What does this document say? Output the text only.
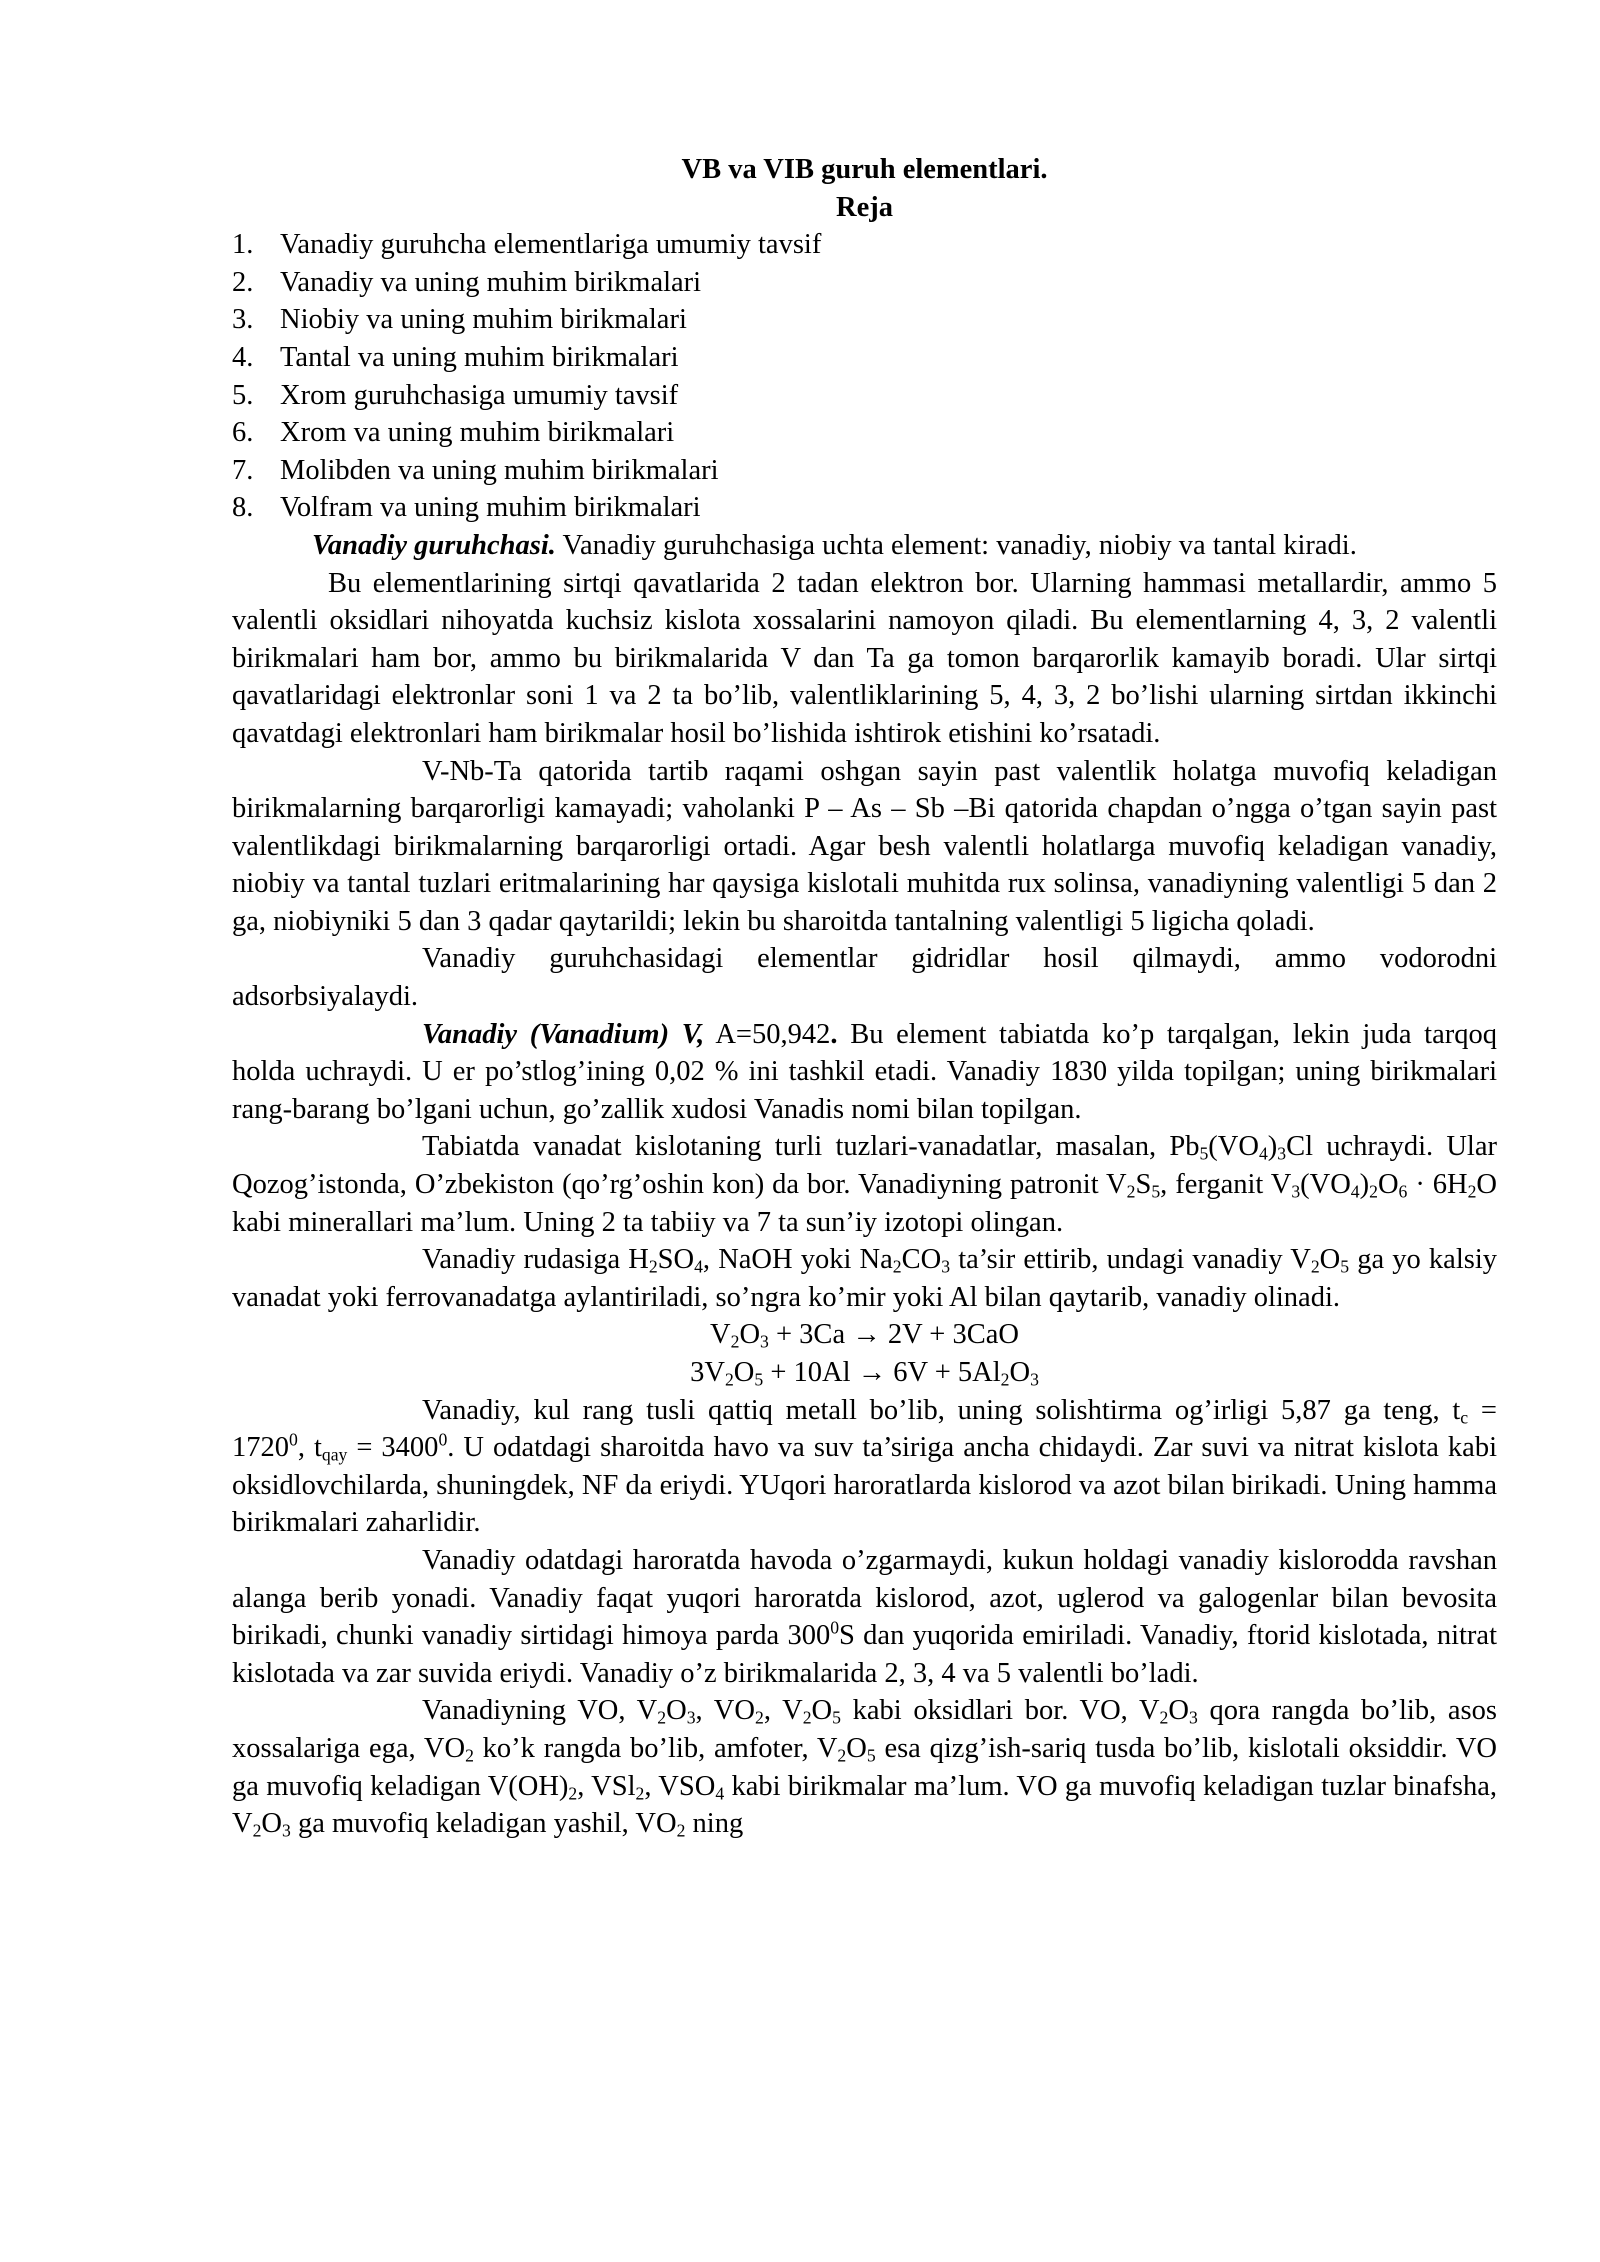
VB va VIB guruh elementlari.

Reja

1. Vanadiy guruhcha elementlariga umumiy tavsif
2. Vanadiy va uning muhim birikmalari
3. Niobiy va uning muhim birikmalari
4. Tantal va uning muhim birikmalari
5. Xrom guruhchasiga umumiy tavsif
6. Xrom va uning muhim birikmalari
7. Molibden va uning muhim birikmalari
8. Volfram va uning muhim birikmalari

Vanadiy guruhchasi. Vanadiy guruhchasiga uchta element: vanadiy, niobiy va tantal kiradi.

Bu elementlarining sirtqi qavatlarida 2 tadan elektron bor. Ularning hammasi metallardir, ammo 5 valentli oksidlari nihoyatda kuchsiz kislota xossalarini namoyon qiladi. Bu elementlarning 4, 3, 2 valentli birikmalari ham bor, ammo bu birikmalarida V dan Ta ga tomon barqarorlik kamayib boradi. Ular sirtqi qavatlaridagi elektronlar soni 1 va 2 ta bo’lib, valentliklarining 5, 4, 3, 2 bo’lishi ularning sirtdan ikkinchi qavatdagi elektronlari ham birikmalar hosil bo’lishida ishtirok etishini ko’rsatadi.

V-Nb-Ta qatorida tartib raqami oshgan sayin past valentlik holatga muvofiq keladigan birikmalarning barqarorligi kamayadi; vaholanki P – As – Sb –Bi qatorida chapdan o’ngga o’tgan sayin past valentlikdagi birikmalarning barqarorligi ortadi. Agar besh valentli holatlarga muvofiq keladigan vanadiy, niobiy va tantal tuzlari eritmalarining har qaysiga kislotali muhitda rux solinsa, vanadiyning valentligi 5 dan 2 ga, niobiyniki 5 dan 3 qadar qaytarildi; lekin bu sharoitda tantalning valentligi 5 ligicha qoladi.

Vanadiy guruhchasidagi elementlar gidridlar hosil qilmaydi, ammo vodorodni adsorbsiyalaydi.

Vanadiy (Vanadium) V, A=50,942. Bu element tabiatda ko’p tarqalgan, lekin juda tarqoq holda uchraydi. U er po’stlog’ining 0,02 % ini tashkil etadi. Vanadiy 1830 yilda topilgan; uning birikmalari rang-barang bo’lgani uchun, go’zallik xudosi Vanadis nomi bilan topilgan.

Tabiatda vanadat kislotaning turli tuzlari-vanadatlar, masalan, $Pb_5(VO_4)_3Cl$ uchraydi. Ular Qozog’istonda, O’zbekiston (qo’rg’oshin kon) da bor. Vanadiyning patronit $V_2S_5$, ferganit $V_3(VO_4)_2O_6 \cdot 6H_2O$ kabi minerallari ma’lum. Uning 2 ta tabiiy va 7 ta sun’iy izotopi olingan.

Vanadiy rudasiga $H_2SO_4$, NaOH yoki $Na_2CO_3$ ta’sir ettirib, undagi vanadiy $V_2O_5$ ga yo kalsiy vanadat yoki ferrovanadatga aylantiriladi, so’ngra ko’mir yoki Al bilan qaytarib, vanadiy olinadi.

$V_2O_3 + 3Ca \to 2V + 3CaO$

$3V_2O_5 + 10Al \to 6V + 5Al_2O_3$

Vanadiy, kul rang tusli qattiq metall bo’lib, uning solishtirma og’irligi 5,87 ga teng, $t_c = 1720^0$, $t_{qay} = 3400^0$. U odatdagi sharoitda havo va suv ta’siriga ancha chidaydi. Zar suvi va nitrat kislota kabi oksidlovchilarda, shuningdek, NF da eriydi. YUqori haroratlarda kislorod va azot bilan birikadi. Uning hamma birikmalari zaharlidir.

Vanadiy odatdagi haroratda havoda o’zgarmaydi, kukun holdagi vanadiy kislorodda ravshan alanga berib yonadi. Vanadiy faqat yuqori haroratda kislorod, azot, uglerod va galogenlar bilan bevosita birikadi, chunki vanadiy sirtidagi himoya parda $300^0S$ dan yuqorida emiriladi. Vanadiy, ftorid kislotada, nitrat kislotada va zar suvida eriydi. Vanadiy o’z birikmalarida 2, 3, 4 va 5 valentli bo’ladi.

Vanadiyning VO, $V_2O_3$, $VO_2$, $V_2O_5$ kabi oksidlari bor. VO, $V_2O_3$ qora rangda bo’lib, asos xossalariga ega, $VO_2$ ko’k rangda bo’lib, amfoter, $V_2O_5$ esa qizg’ish-sariq tusda bo’lib, kislotali oksiddir. VO ga muvofiq keladigan $V(OH)_2$, VSl$_2$, $VSO_4$ kabi birikmalar ma’lum. VO ga muvofiq keladigan tuzlar binafsha, $V_2O_3$ ga muvofiq keladigan yashil, $VO_2$ ning
